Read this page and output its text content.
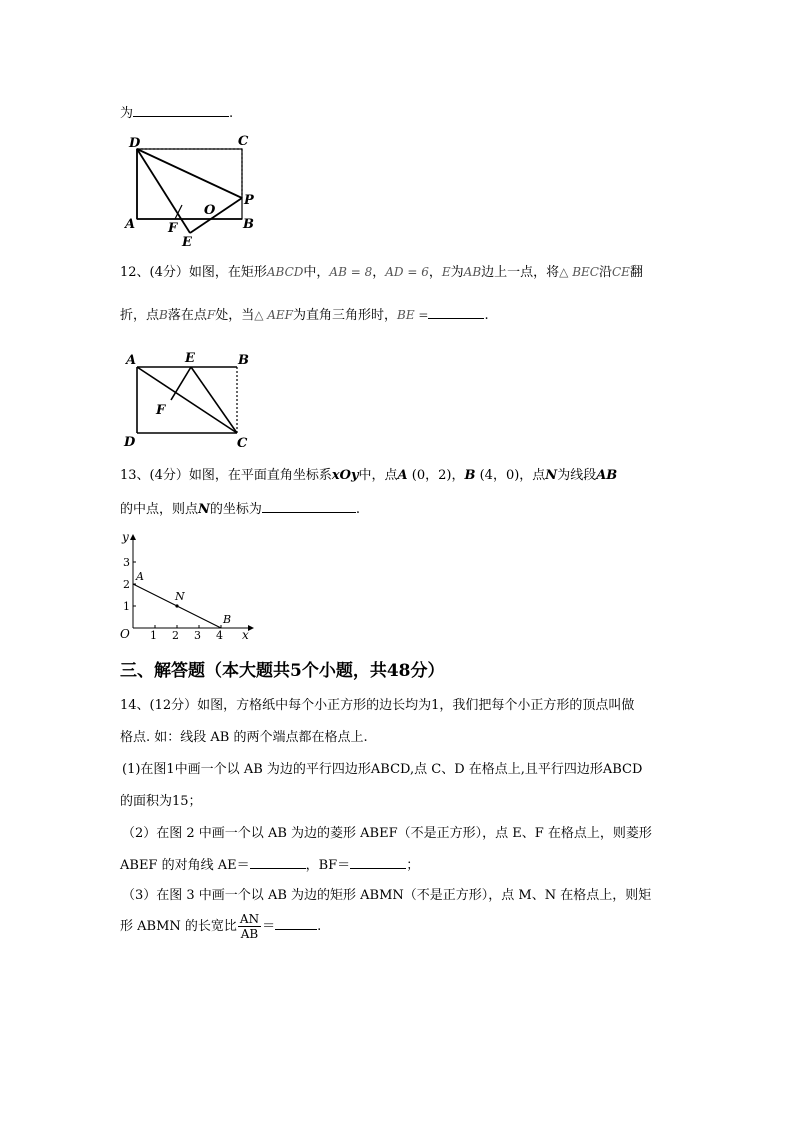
为	.
D	C
A	F
O
E
P
B
12、(4分）如图，在矩形ABCD中，AB = 8，AD = 6，E为AB边上一点，将△ BEC沿CE翻
折，点B落在点F处，当△ AEF为直角三角形时，BE =	.
A	E	B
F
D	C
13、(4分）如图，在平面直角坐标系xOy中，点A (0，2)，B (4，0)，点N为线段AB
的中点，则点N的坐标为	.
1 2 3 4
1
2
3
O	x
y
A
N
B
三、解答题（本大题共5个小题，共48分）
14、(12分）如图，方格纸中每个小正方形的边长均为1，我们把每个小正方形的顶点叫做
格点. 如：线段 AB 的两个端点都在格点上.
(1)在图1中画一个以 AB 为边的平行四边形ABCD,点 C、D 在格点上,且平行四边形ABCD
的面积为15；
（2）在图 2 中画一个以 AB 为边的菱形 ABEF（不是正方形），点 E、F 在格点上，则菱形
ABEF 的对角线 AE＝	，BF＝	；
（3）在图 3 中画一个以 AB 为边的矩形 ABMN（不是正方形），点 M、N 在格点上，则矩
形 ABMN 的长宽比 $\frac{AN}{AB}$ ＝	.
